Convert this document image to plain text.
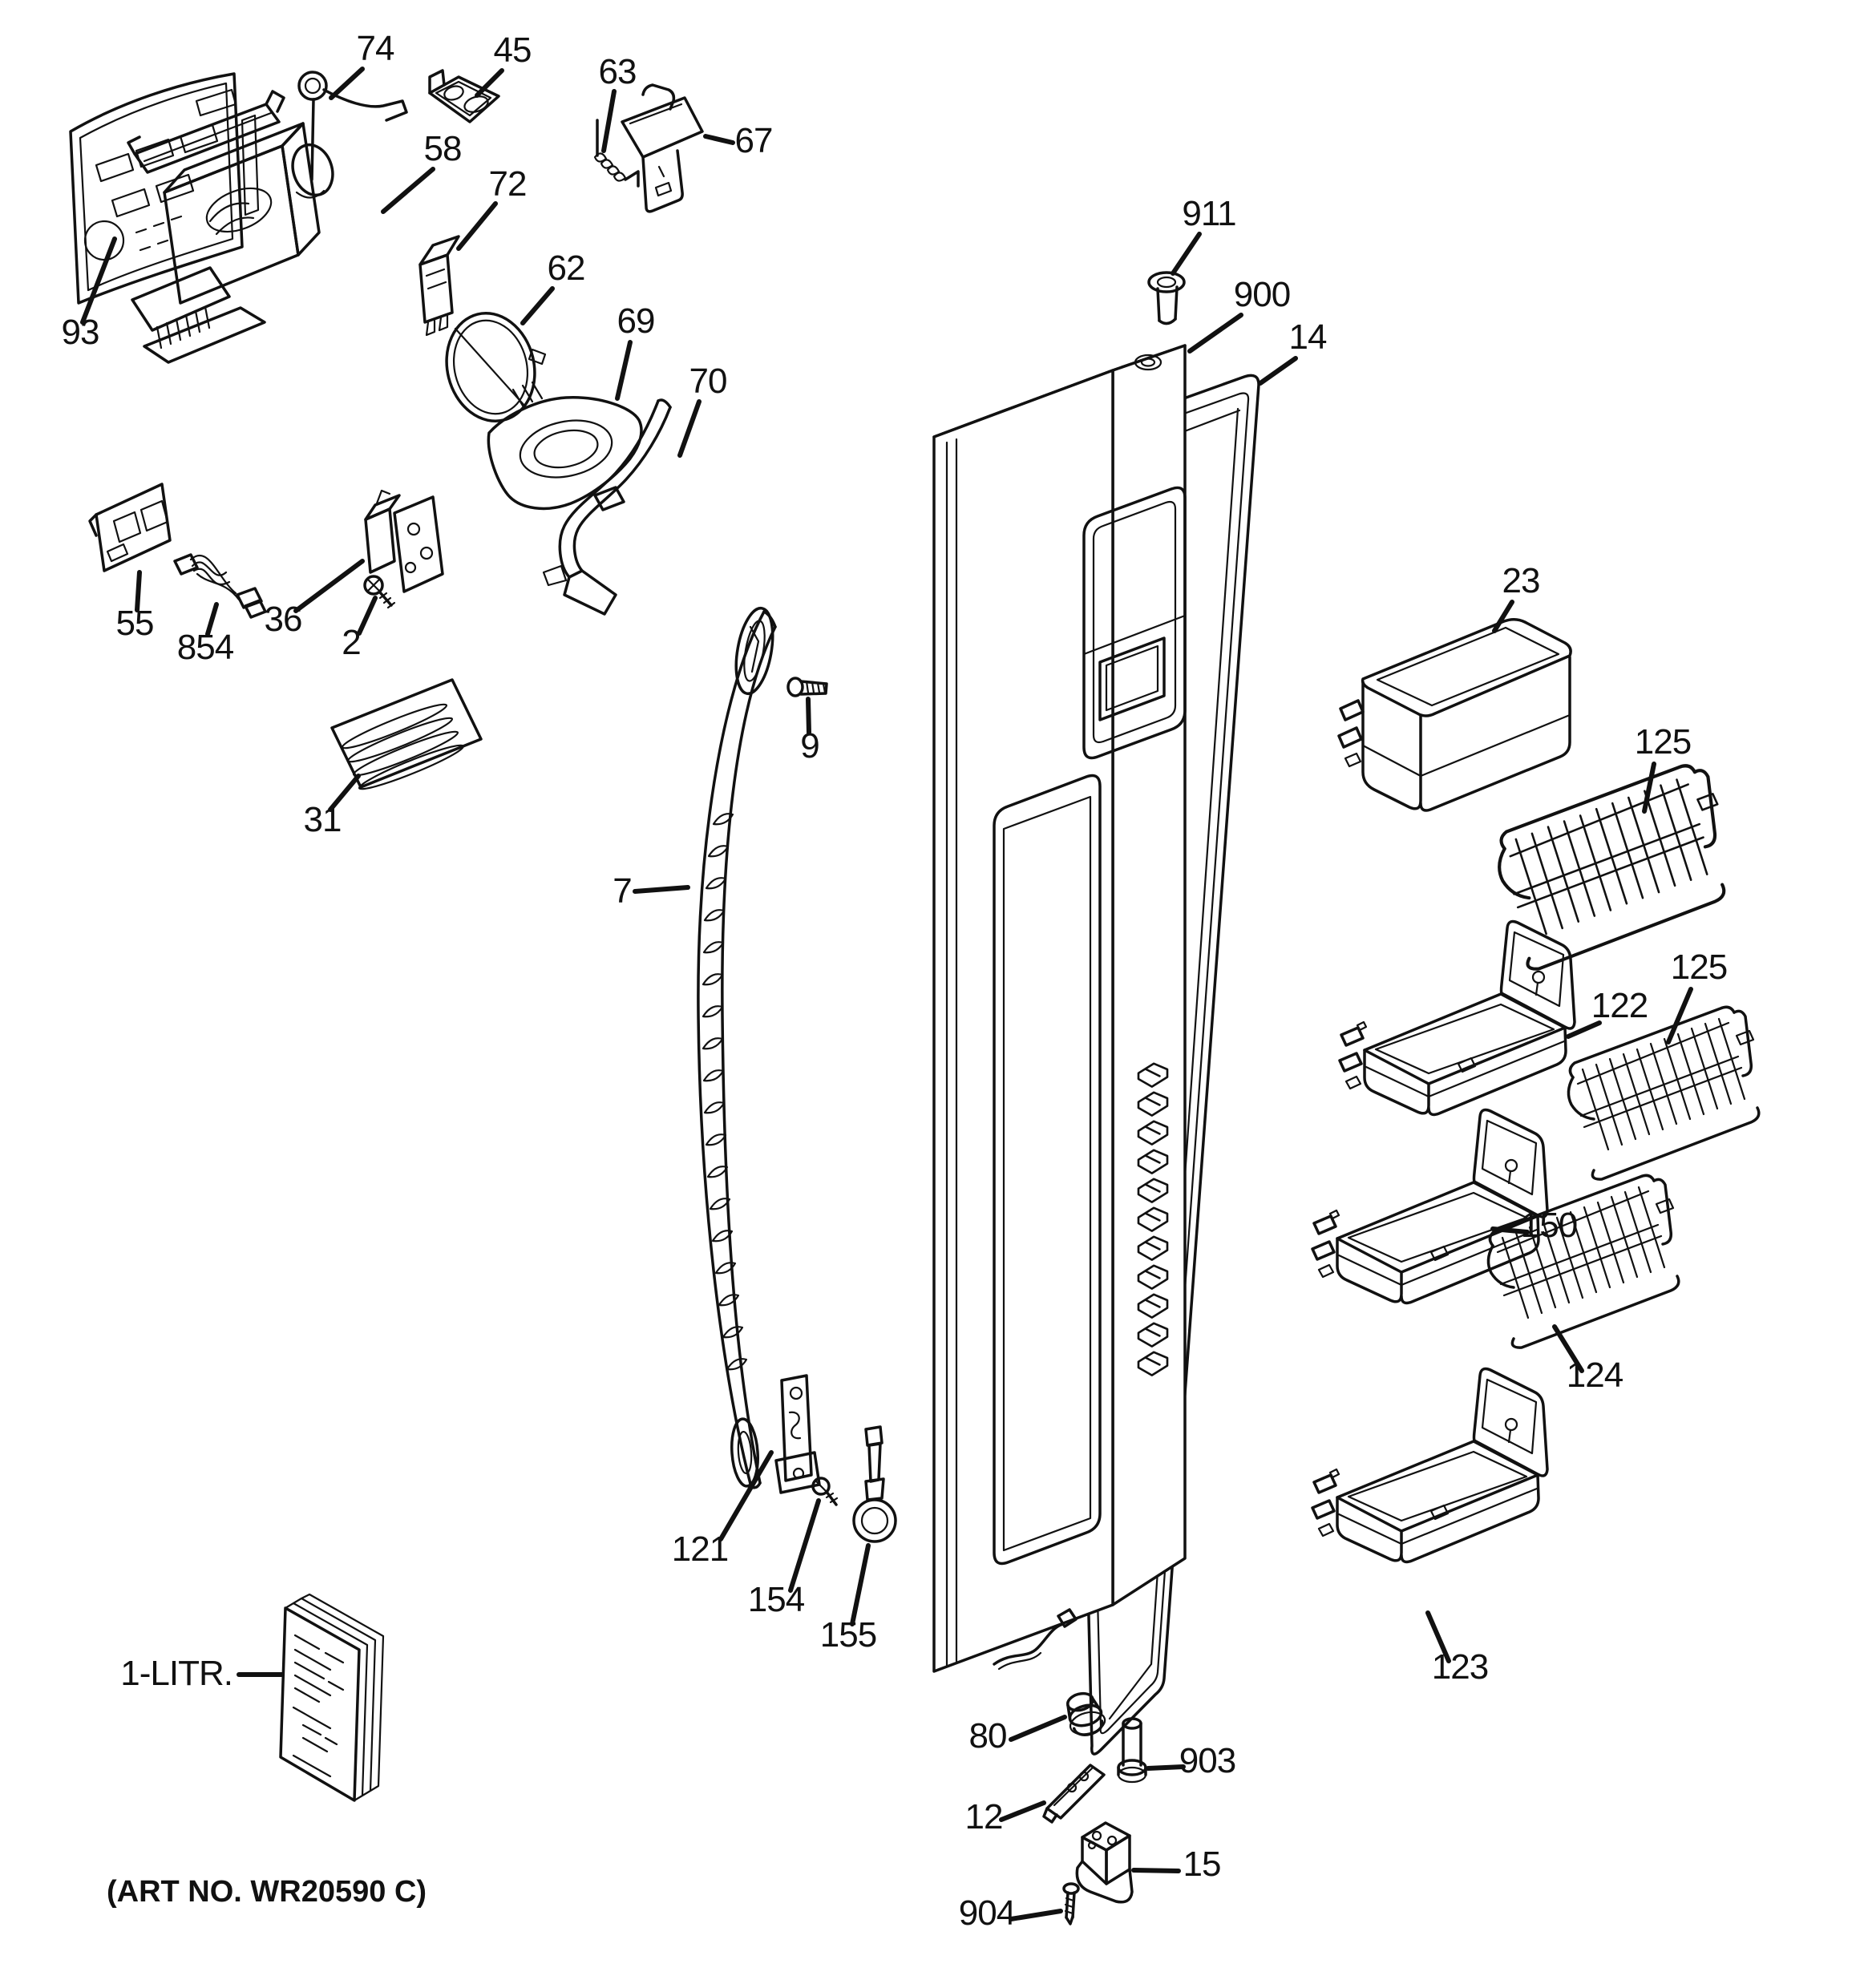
(ART NO. WR20590 C)
74	45
63
67
58
72
62
69
70
93
55
854
36
2
31
7
9
121
154
155
911
900
14
23
125
125
122
150
124
123
80
903
12
15
904
1-LITR.
